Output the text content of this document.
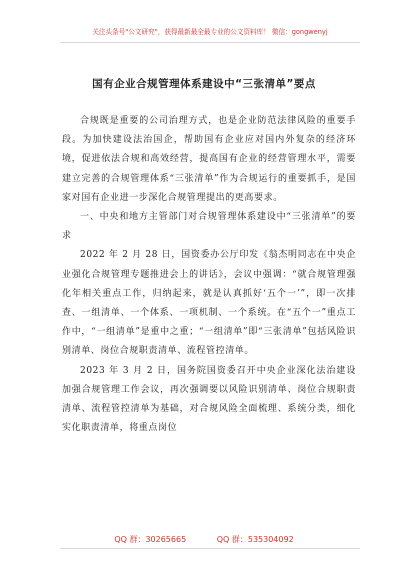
关注头条号"公文研究"，获得最新最全最专业的公文资料库！ 微信：gongwenyj
国有企业合规管理体系建设中“三张清单”要点

合规既是重要的公司治理方式，也是企业防范法律风险的重要手段。为加快建设法治国企，帮助国有企业应对国内外复杂的经济环境，促进依法合规和高效经营，提高国有企业的经营管理水平，需要建立完善的合规管理体系“三张清单”作为合规运行的重要抓手，是国家对国有企业进一步深化合规管理提出的更高要求。

一、中央和地方主管部门对合规管理体系建设中“三张清单”的要求

2022 年 2 月 28 日，国资委办公厅印发《翁杰明同志在中央企业强化合规管理专题推进会上的讲话》，会议中强调：“就合规管理强化年相关重点工作，归纳起来，就是认真抓好‘五个一’”，即一次排查、一组清单、一个体系、一项机制、一个系统。在“五个一”重点工作中，“一组清单”是重中之重；“一组清单”即“三张清单”包括风险识别清单、岗位合规职责清单、流程管控清单。

2023 年 3 月 2 日，国务院国资委召开中央企业深化法治建设加强合规管理工作会议，再次强调要以风险识别清单、岗位合规职责清单、流程管控清单为基础，对合规风险全面梳理、系统分类，细化实化职责清单，将重点岗位

QQ 群：30265665	QQ 群：535304092
